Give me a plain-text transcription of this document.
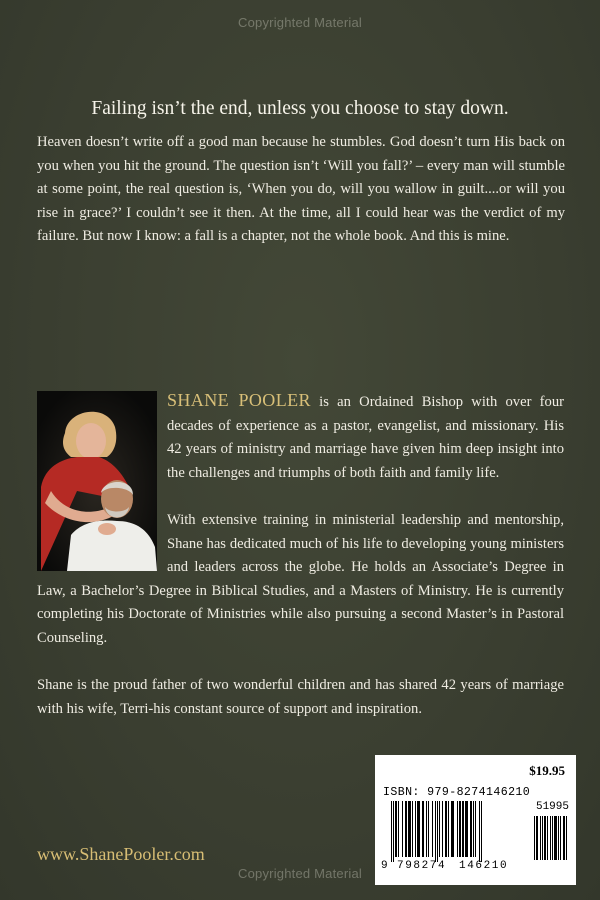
Copyrighted Material
Failing isn’t the end, unless you choose to stay down.
Heaven doesn’t write off a good man because he stumbles. God doesn’t turn His back on you when you hit the ground. The question isn’t ‘Will you fall?’ – every man will stumble at some point, the real question is, ‘When you do, will you wallow in guilt....or will you rise in grace?’ I couldn’t see it then. At the time, all I could hear was the verdict of my failure. But now I know: a fall is a chapter, not the whole book. And this is mine.

SHANE POOLER is an Ordained Bishop with over four decades of experience as a pastor, evangelist, and missionary. His 42 years of ministry and marriage have given him deep insight into the challenges and triumphs of both faith and family life.

With extensive training in ministerial leadership and mentorship, Shane has dedicated much of his life to developing young ministers and leaders across the globe. He holds an Associate’s Degree in Law, a Bachelor’s Degree in Biblical Studies, and a Masters of Ministry. He is currently completing his Doctorate of Ministries while also pursuing a second Master’s in Pastoral Counseling.

Shane is the proud father of two wonderful children and has shared 42 years of marriage with his wife, Terri-his constant source of support and inspiration.

www.ShanePooler.com
$19.95
ISBN: 979-8274146210
51995
9 798274 146210
Copyrighted Material
